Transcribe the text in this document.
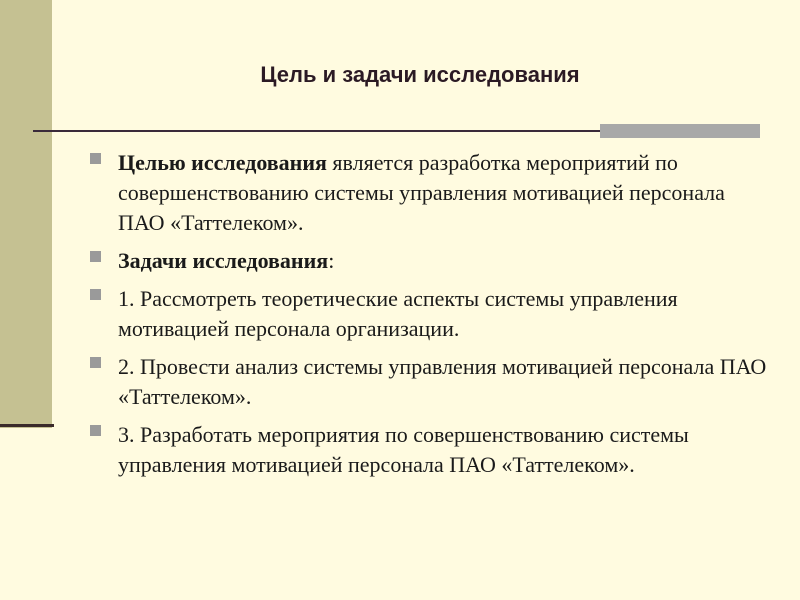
Цель и задачи исследования
Целью исследования является разработка мероприятий по совершенствованию системы управления мотивацией персонала ПАО «Таттелеком».
Задачи исследования:
1. Рассмотреть теоретические аспекты системы управления мотивацией персонала организации.
2. Провести анализ системы управления мотивацией персонала ПАО «Таттелеком».
3. Разработать мероприятия по совершенствованию системы управления мотивацией персонала ПАО «Таттелеком».
